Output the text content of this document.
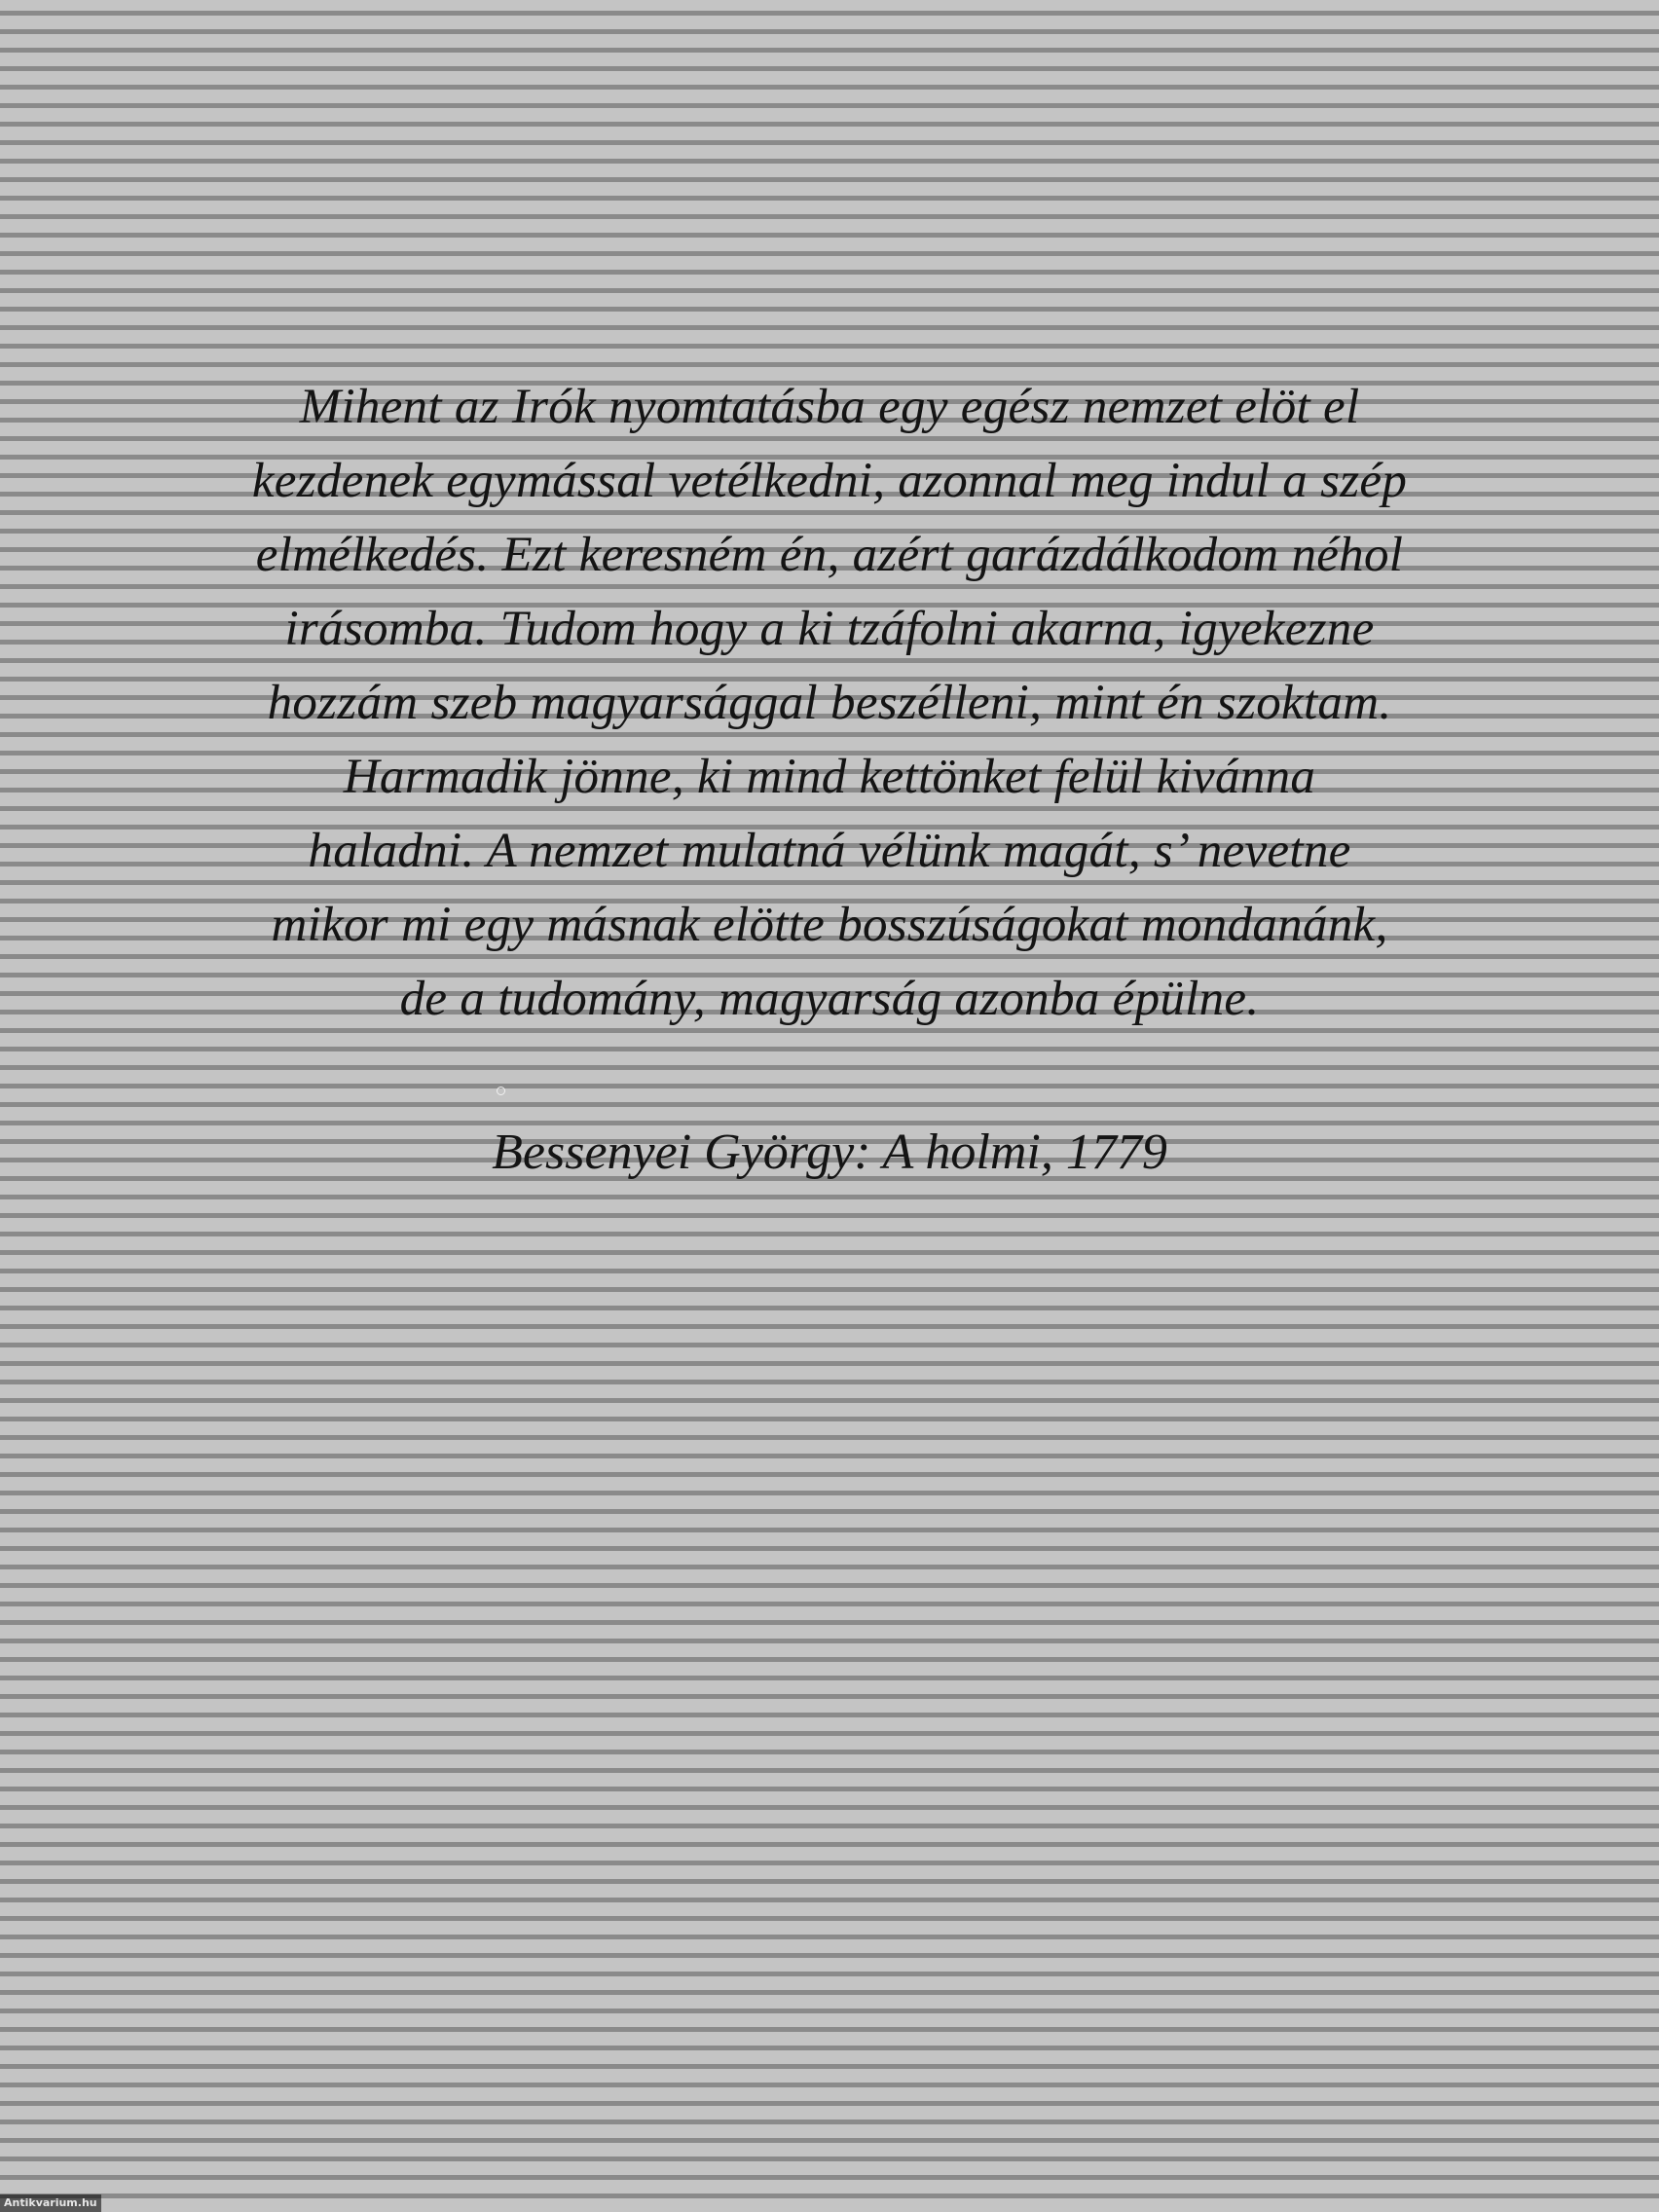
Mihent az Irók nyomtatásba egy egész nemzet elöt el
kezdenek egymással vetélkedni, azonnal meg indul a szép
elmélkedés. Ezt keresném én, azért garázdálkodom néhol
irásomba. Tudom hogy a ki tzáfolni akarna, igyekezne
hozzám szeb magyarsággal beszélleni, mint én szoktam.
Harmadik jönne, ki mind kettönket felül kivánna
haladni. A nemzet mulatná vélünk magát, s’ nevetne
mikor mi egy másnak elötte bosszúságokat mondanánk,
de a tudomány, magyarság azonba épülne.
Bessenyei György: A holmi, 1779
Antikvarium.hu
